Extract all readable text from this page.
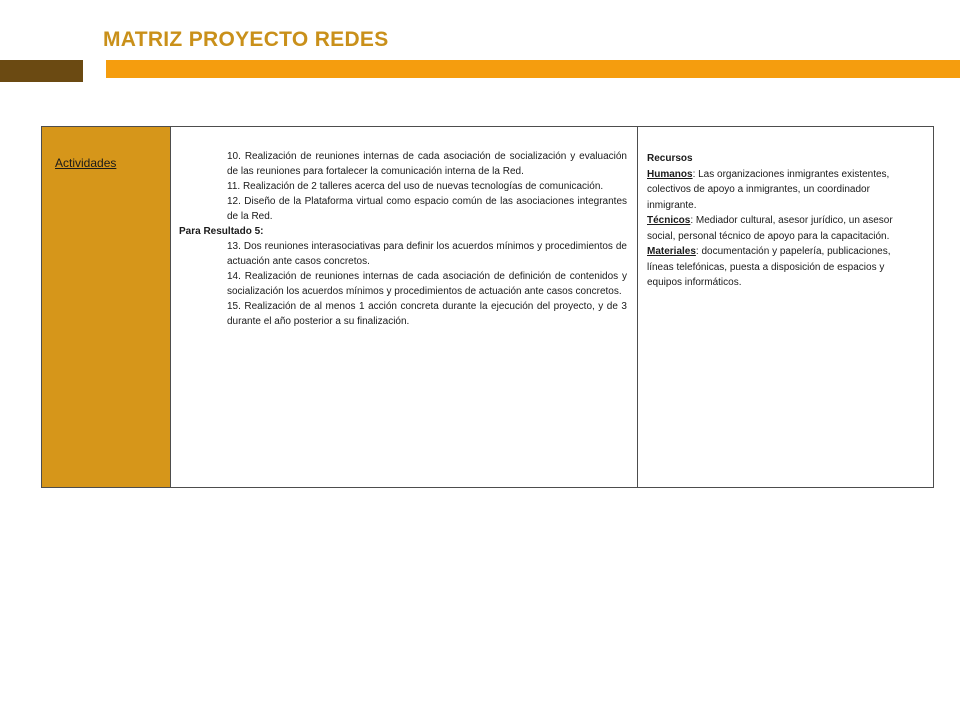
MATRIZ PROYECTO REDES
Actividades	10. Realización de reuniones internas de cada asociación de socialización y evaluación de las reuniones para fortalecer la comunicación interna de la Red.
11. Realización de 2 talleres acerca del uso de nuevas tecnologías de comunicación.
12. Diseño de la Plataforma virtual como espacio común de las asociaciones integrantes de la Red.
Para Resultado 5:
13. Dos reuniones interasociativas para definir los acuerdos mínimos y procedimientos de actuación ante casos concretos.
14. Realización de reuniones internas de cada asociación de definición de contenidos y socialización los acuerdos mínimos y procedimientos de actuación ante casos concretos.
15. Realización de al menos 1 acción concreta durante la ejecución del proyecto, y de 3 durante el año posterior a su finalización.
Recursos
Humanos: Las organizaciones inmigrantes existentes, colectivos de apoyo a inmigrantes, un coordinador inmigrante.
Técnicos: Mediador cultural, asesor jurídico, un asesor social, personal técnico de apoyo para la capacitación.
Materiales: documentación y papelería, publicaciones, líneas telefónicas, puesta a disposición de espacios y equipos informáticos.
